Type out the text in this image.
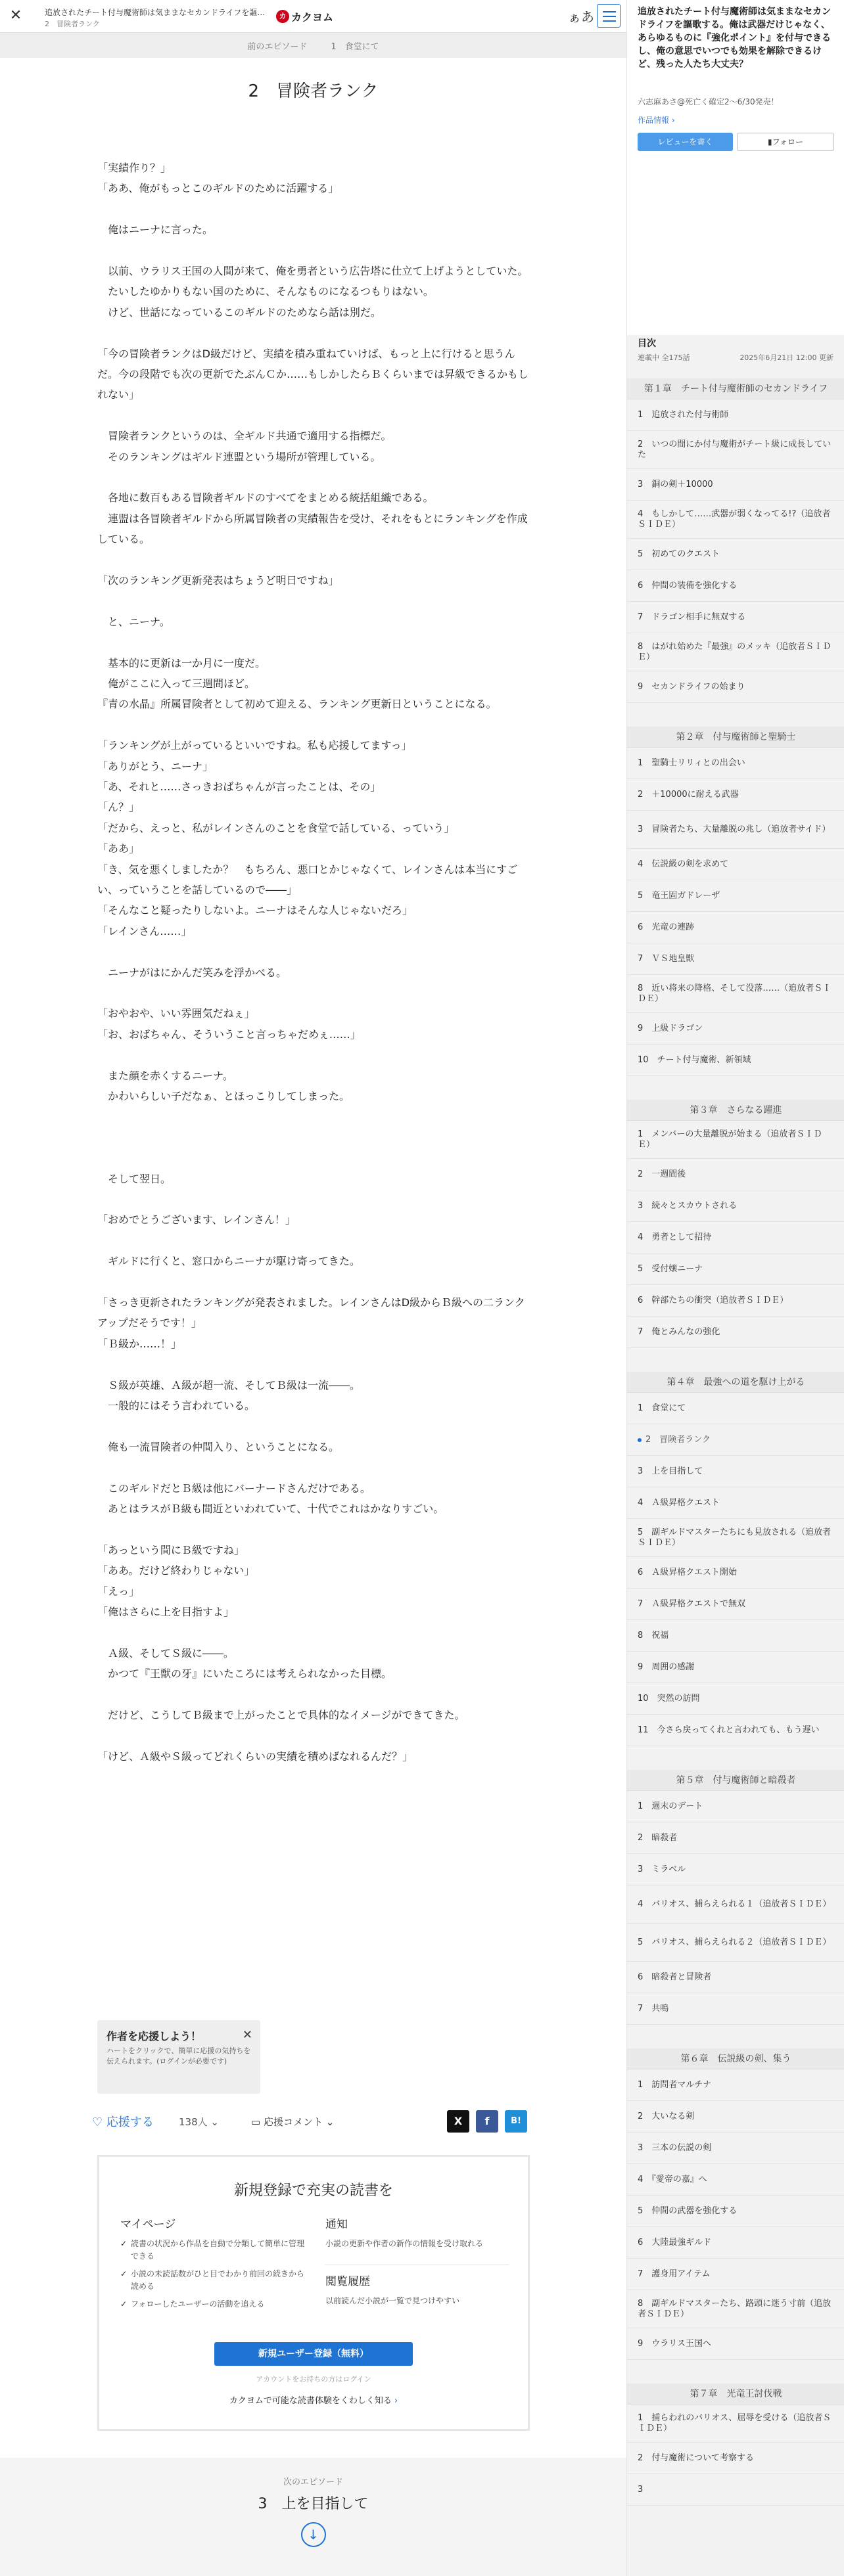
✕	追放されたチート付与魔術師は気ままなセカンドライフを謳…
2　冒険者ランク
カ カクヨム	ぁあ
前のエピソード	1　食堂にて
2　冒険者ランク

「実績作り？」

「ああ、俺がもっとこのギルドのために活躍する」

　俺はニーナに言った。

　以前、ウラリス王国の人間が来て、俺を勇者という広告塔に仕立て上げようとしていた。

　たいしたゆかりもない国のために、そんなものになるつもりはない。

　けど、世話になっているこのギルドのためなら話は別だ。

「今の冒険者ランクはD級だけど、実績を積み重ねていけば、もっと上に行けると思うんだ。今の段階でも次の更新でたぶんＣか……もしかしたらＢくらいまでは昇級できるかもしれない」

　冒険者ランクというのは、全ギルド共通で適用する指標だ。

　そのランキングはギルド連盟という場所が管理している。

　各地に数百もある冒険者ギルドのすべてをまとめる統括組織である。

　連盟は各冒険者ギルドから所属冒険者の実績報告を受け、それをもとにランキングを作成している。

「次のランキング更新発表はちょうど明日ですね」

　と、ニーナ。

　基本的に更新は一か月に一度だ。

　俺がここに入って三週間ほど。

『青の水晶』所属冒険者として初めて迎える、ランキング更新日ということになる。

「ランキングが上がっているといいですね。私も応援してますっ」

「ありがとう、ニーナ」

「あ、それと……さっきおばちゃんが言ったことは、その」

「ん？」

「だから、えっと、私がレインさんのことを食堂で話している、っていう」

「ああ」

「き、気を悪くしましたか？　もちろん、悪口とかじゃなくて、レインさんは本当にすごい、っていうことを話しているので――」

「そんなこと疑ったりしないよ。ニーナはそんな人じゃないだろ」

「レインさん……」

　ニーナがはにかんだ笑みを浮かべる。

「おやおや、いい雰囲気だねぇ」

「お、おばちゃん、そういうこと言っちゃだめぇ……」

　また顔を赤くするニーナ。

　かわいらしい子だなぁ、とほっこりしてしまった。

　そして翌日。

「おめでとうございます、レインさん！」

　ギルドに行くと、窓口からニーナが駆け寄ってきた。

「さっき更新されたランキングが発表されました。レインさんはD級からＢ級への二ランクアップだそうです！」

「Ｂ級か……！」

　Ｓ級が英雄、Ａ級が超一流、そしてＢ級は一流――。

　一般的にはそう言われている。

　俺も一流冒険者の仲間入り、ということになる。

　このギルドだとＢ級は他にバーナードさんだけである。

　あとはラスがＢ級も間近といわれていて、十代でこれはかなりすごい。

「あっという間にＢ級ですね」

「ああ。だけど終わりじゃない」

「えっ」

「俺はさらに上を目指すよ」

　Ａ級、そしてＳ級に――。

　かつて『王獣の牙』にいたころには考えられなかった目標。

　だけど、こうしてＢ級まで上がったことで具体的なイメージができてきた。

「けど、Ａ級やＳ級ってどれくらいの実績を積めばなれるんだ？」

作者を応援しよう！

ハートをクリックで、簡単に応援の気持ちを伝えられます。(ログインが必要です)

✕
♡ 応援する	138人 ⌄	▭ 応援コメント ⌄	X	f	B!
新規登録で充実の読書を
マイページ
✓ 読書の状況から作品を自動で分類して簡単に管理できる
✓ 小説の未読話数がひと目でわかり前回の続きから読める
✓ フォローしたユーザーの活動を追える
通知
小説の更新や作者の新作の情報を受け取れる
閲覧履歴
以前読んだ小説が一覧で見つけやすい
新規ユーザー登録（無料）
アカウントをお持ちの方はログイン
カクヨムで可能な読書体験をくわしく知る ›
次のエピソード
3　上を目指して
↓
追放されたチート付与魔術師は気ままなセカンドライフを謳歌する。俺は武器だけじゃなく、あらゆるものに『強化ポイント』を付与できるし、俺の意思でいつでも効果を解除できるけど、残った人たち大丈夫？
六志麻あさ@死亡く確定2～6/30発売！
作品情報 ›
レビューを書く	▮フォロー
目次
連載中 全175話	2025年6月21日 12:00 更新
第１章　チート付与魔術師のセカンドライフ
1　追放された付与術師
2　いつの間にか付与魔術がチート級に成長していた
3　銅の剣＋10000
4　もしかして……武器が弱くなってる!?（追放者ＳＩＤＥ）
5　初めてのクエスト
6　仲間の装備を強化する
7　ドラゴン相手に無双する
8　はがれ始めた『最強』のメッキ（追放者ＳＩＤＥ）
9　セカンドライフの始まり
第２章　付与魔術師と聖騎士
1　聖騎士リリィとの出会い
2　＋10000に耐える武器
3　冒険者たち、大量離脱の兆し（追放者サイド）
4　伝説級の剣を求めて
5　竜王固ガドレーザ
6　光竜の連跡
7　ＶＳ地皇獣
8　近い将来の降格、そして没落……（追放者ＳＩＤＥ）
9　上級ドラゴン
10　チート付与魔術、新領域
第３章　さらなる躍進
1　メンバーの大量離脱が始まる（追放者ＳＩＤＥ）
2　一週間後
3　続々とスカウトされる
4　勇者として招待
5　受付嬢ニーナ
6　幹部たちの衝突（追放者ＳＩＤＥ）
7　俺とみんなの強化
第４章　最強への道を駆け上がる
1　食堂にて
2　冒険者ランク
3　上を目指して
4　Ａ級昇格クエスト
5　副ギルドマスターたちにも見放される（追放者ＳＩＤＥ）
6　Ａ級昇格クエスト開始
7　Ａ級昇格クエストで無双
8　祝福
9　周囲の感謝
10　突然の訪問
11　今さら戻ってくれと言われても、もう遅い
第５章　付与魔術師と暗殺者
1　週末のデート
2　暗殺者
3　ミラベル
4　バリオス、捕らえられる１（追放者ＳＩＤＥ）
5　バリオス、捕らえられる２（追放者ＳＩＤＥ）
6　暗殺者と冒険者
7　共鳴
第６章　伝説級の剣、集う
1　訪問者マルチナ
2　大いなる剣
3　三本の伝説の剣
4　『愛帝の嘉』へ
5　仲間の武器を強化する
6　大陸最強ギルド
7　護身用アイテム
8　副ギルドマスターたち、路頭に迷う寸前（追放者ＳＩＤＥ）
9　ウラリス王国へ
第７章　光竜王討伐戦
1　捕らわれのバリオス、屈辱を受ける（追放者ＳＩＤＥ）
2　付与魔術について考察する
3　
